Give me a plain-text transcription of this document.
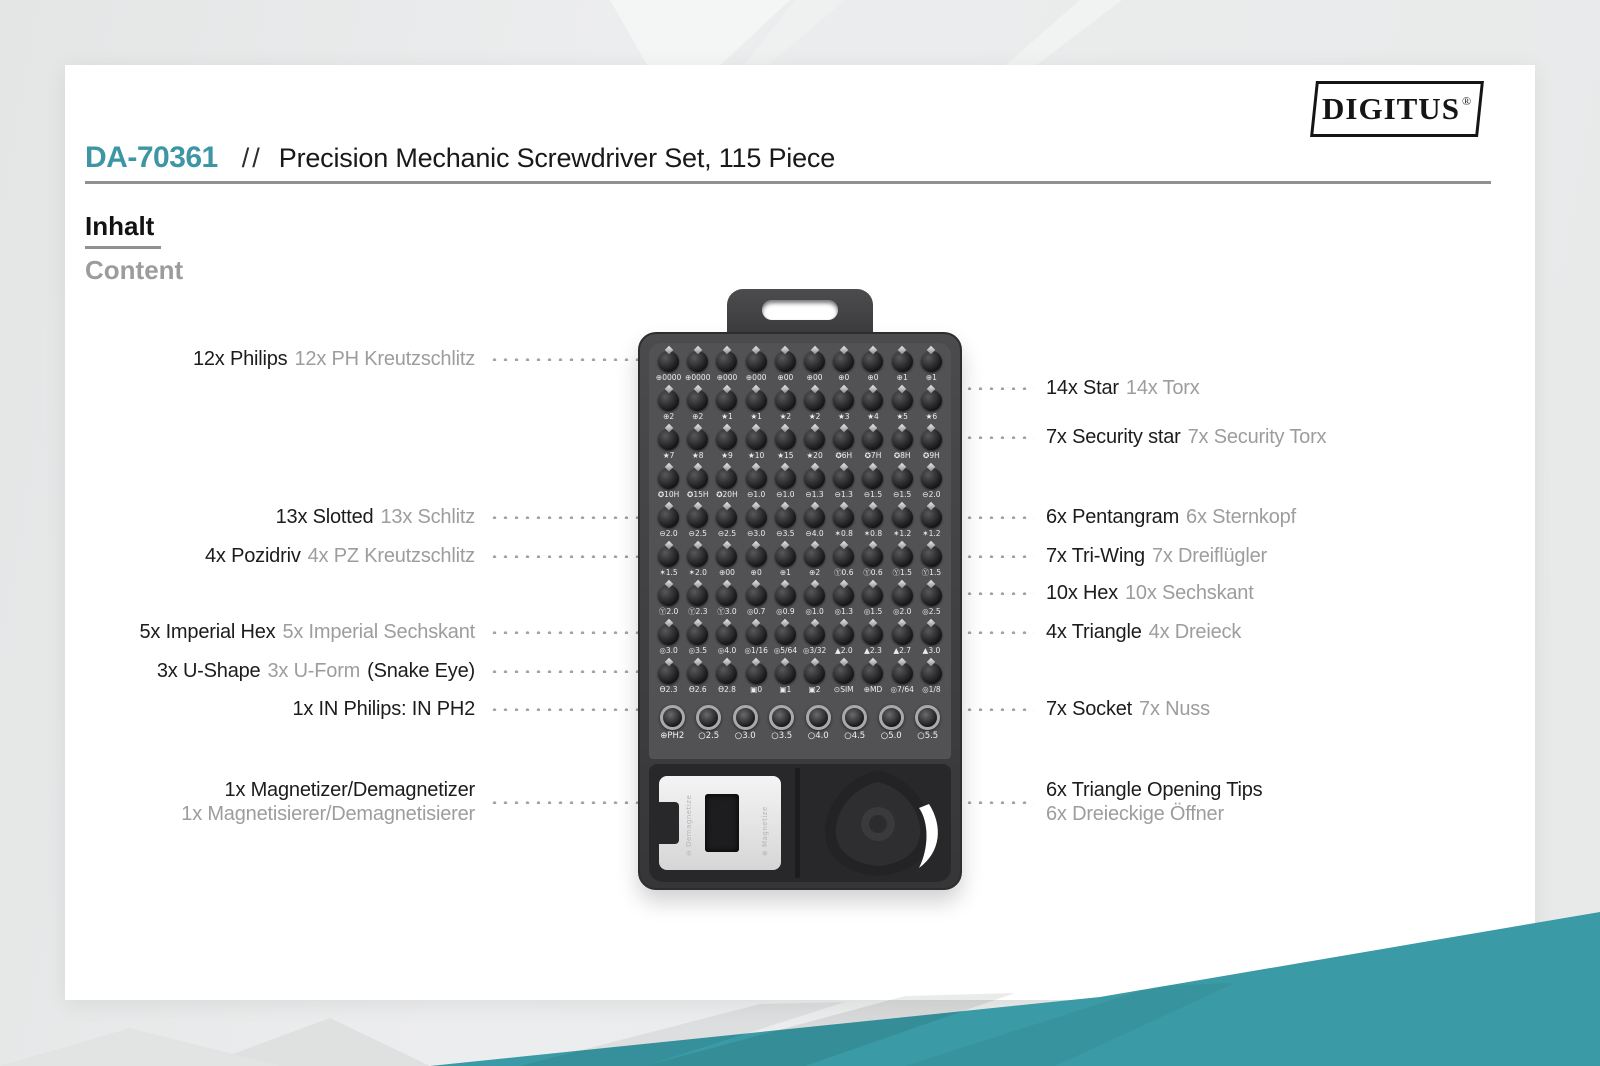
DIGITUS ®
DA-70361 // Precision Mechanic Screwdriver Set, 115 Piece
Inhalt
Content
12x Philips 12x PH Kreutzschlitz
13x Slotted 13x Schlitz
4x Pozidriv 4x PZ Kreutzschlitz
5x Imperial Hex 5x Imperial Sechskant
3x U-Shape 3x U-Form (Snake Eye)
1x IN Philips: IN PH2
1x Magnetizer/Demagnetizer
1x Magnetisierer/Demagnetisierer
14x Star 14x Torx
7x Security star 7x Security Torx
6x Pentangram 6x Sternkopf
7x Tri-Wing 7x Dreiflügler
10x Hex 10x Sechskant
4x Triangle 4x Dreieck
7x Socket 7x Nuss
6x Triangle Opening Tips
6x Dreieckige Öffner
⊕0000 ⊕0000 ⊕000 ⊕000 ⊕00 ⊕00 ⊕0 ⊕0 ⊕1 ⊕1
⊕2 ⊕2 ★1 ★1 ★2 ★2 ★3 ★4 ★5 ★6
★7 ★8 ★9 ★10 ★15 ★20 ✪6H ✪7H ✪8H ✪9H
✪10H ✪15H ✪20H ⊖1.0 ⊖1.0 ⊖1.3 ⊖1.3 ⊖1.5 ⊖1.5 ⊖2.0
⊖2.0 ⊖2.5 ⊖2.5 ⊖3.0 ⊖3.5 ⊖4.0 ✶0.8 ✶0.8 ✶1.2 ✶1.2
✶1.5 ✶2.0 ⊕00 ⊕0 ⊕1 ⊕2 Ⓨ0.6 Ⓨ0.6 Ⓨ1.5 Ⓨ1.5
Ⓨ2.0 Ⓨ2.3 Ⓨ3.0 ◎0.7 ◎0.9 ◎1.0 ◎1.3 ◎1.5 ◎2.0 ◎2.5
◎3.0 ◎3.5 ◎4.0 ◎1/16 ◎5/64 ◎3/32 ▲2.0 ▲2.3 ▲2.7 ▲3.0
Ɵ2.3 Ɵ2.6 Ɵ2.8 ▣0 ▣1 ▣2 ⊙SIM ⊕MD ◎7/64 ◎1/8
⊕PH2 ○2.5 ○3.0 ○3.5 ○4.0 ○4.5 ○5.0 ○5.5
⊖ Demagnetize	⊕ Magnetize
